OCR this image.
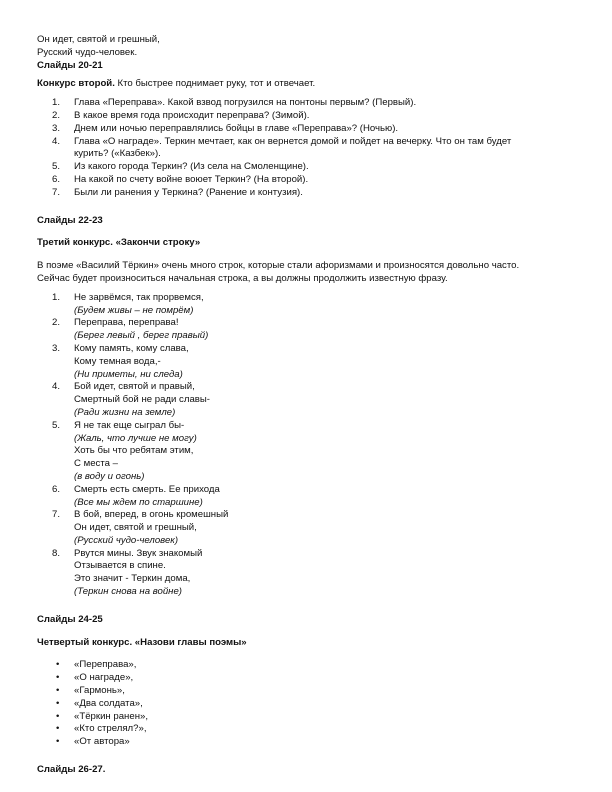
Он идет, святой и грешный,
Русский чудо-человек.
Слайды 20-21
Конкурс второй. Кто быстрее поднимает руку, тот и отвечает.
1. Глава «Переправа». Какой взвод погрузился на понтоны первым? (Первый).
2. В какое время года происходит переправа? (Зимой).
3. Днем или ночью переправлялись бойцы в главе «Переправа»? (Ночью).
4. Глава «О награде». Теркин мечтает, как он вернется домой и пойдет на вечерку. Что он там будет
курить? («Казбек»).
5. Из какого города Теркин? (Из села на Смоленщине).
6. На какой по счету войне воюет Теркин? (На второй).
7. Были ли ранения у Теркина? (Ранение и контузия).
Слайды 22-23
Третий конкурс. «Закончи строку»
В поэме «Василий Тёркин» очень много строк, которые стали афоризмами и произносятся довольно часто.
Сейчас будет произноситься начальная строка, а вы должны продолжить известную фразу.
1. Не зарвёмся, так прорвемся,
(Будем живы – не помрём)
2. Переправа, переправа!
(Берег левый , берег правый)
3. Кому память, кому слава,
Кому темная вода,-
(Ни приметы, ни следа)
4. Бой идет, святой и правый,
Смертный бой не ради славы-
(Ради жизни на земле)
5. Я не так еще сыграл бы-
(Жаль, что лучше не могу)
Хоть бы что ребятам этим,
С места –
(в воду и огонь)
6. Смерть есть смерть. Ее прихода
(Все мы ждем по старшине)
7. В бой, вперед, в огонь кромешный
Он идет, святой и грешный,
(Русский чудо-человек)
8. Рвутся мины. Звук знакомый
Отзывается в спине.
Это значит - Теркин дома,
(Теркин снова на войне)
Слайды 24-25
Четвертый конкурс. «Назови главы поэмы»
• «Переправа»,
• «О награде»,
• «Гармонь»,
• «Два солдата»,
• «Тёркин ранен»,
• «Кто стрелял?»,
• «От автора»
Слайды 26-27.
